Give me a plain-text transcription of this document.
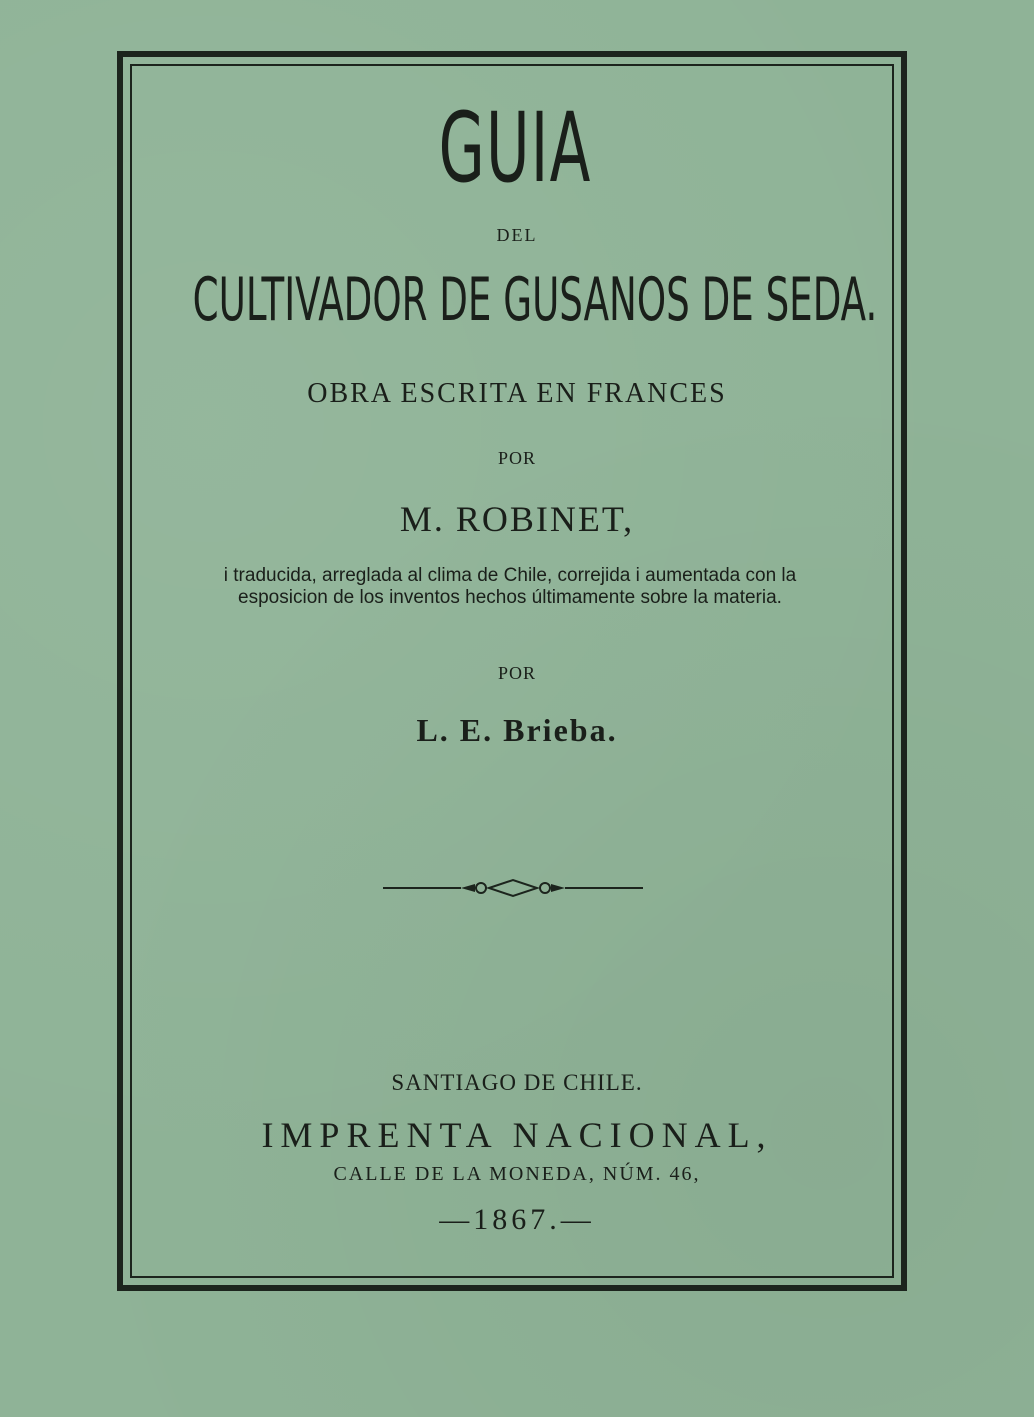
GUIA
DEL
CULTIVADOR DE GUSANOS DE SEDA.
OBRA ESCRITA EN FRANCES
POR
M. ROBINET,
i traducida, arreglada al clima de Chile, correjida i aumentada con la esposicion de los inventos hechos últimamente sobre la materia.
POR
L. E. Brieba.
SANTIAGO DE CHILE.
IMPRENTA NACIONAL,
CALLE DE LA MONEDA, NÚM. 46,
—1867.—
